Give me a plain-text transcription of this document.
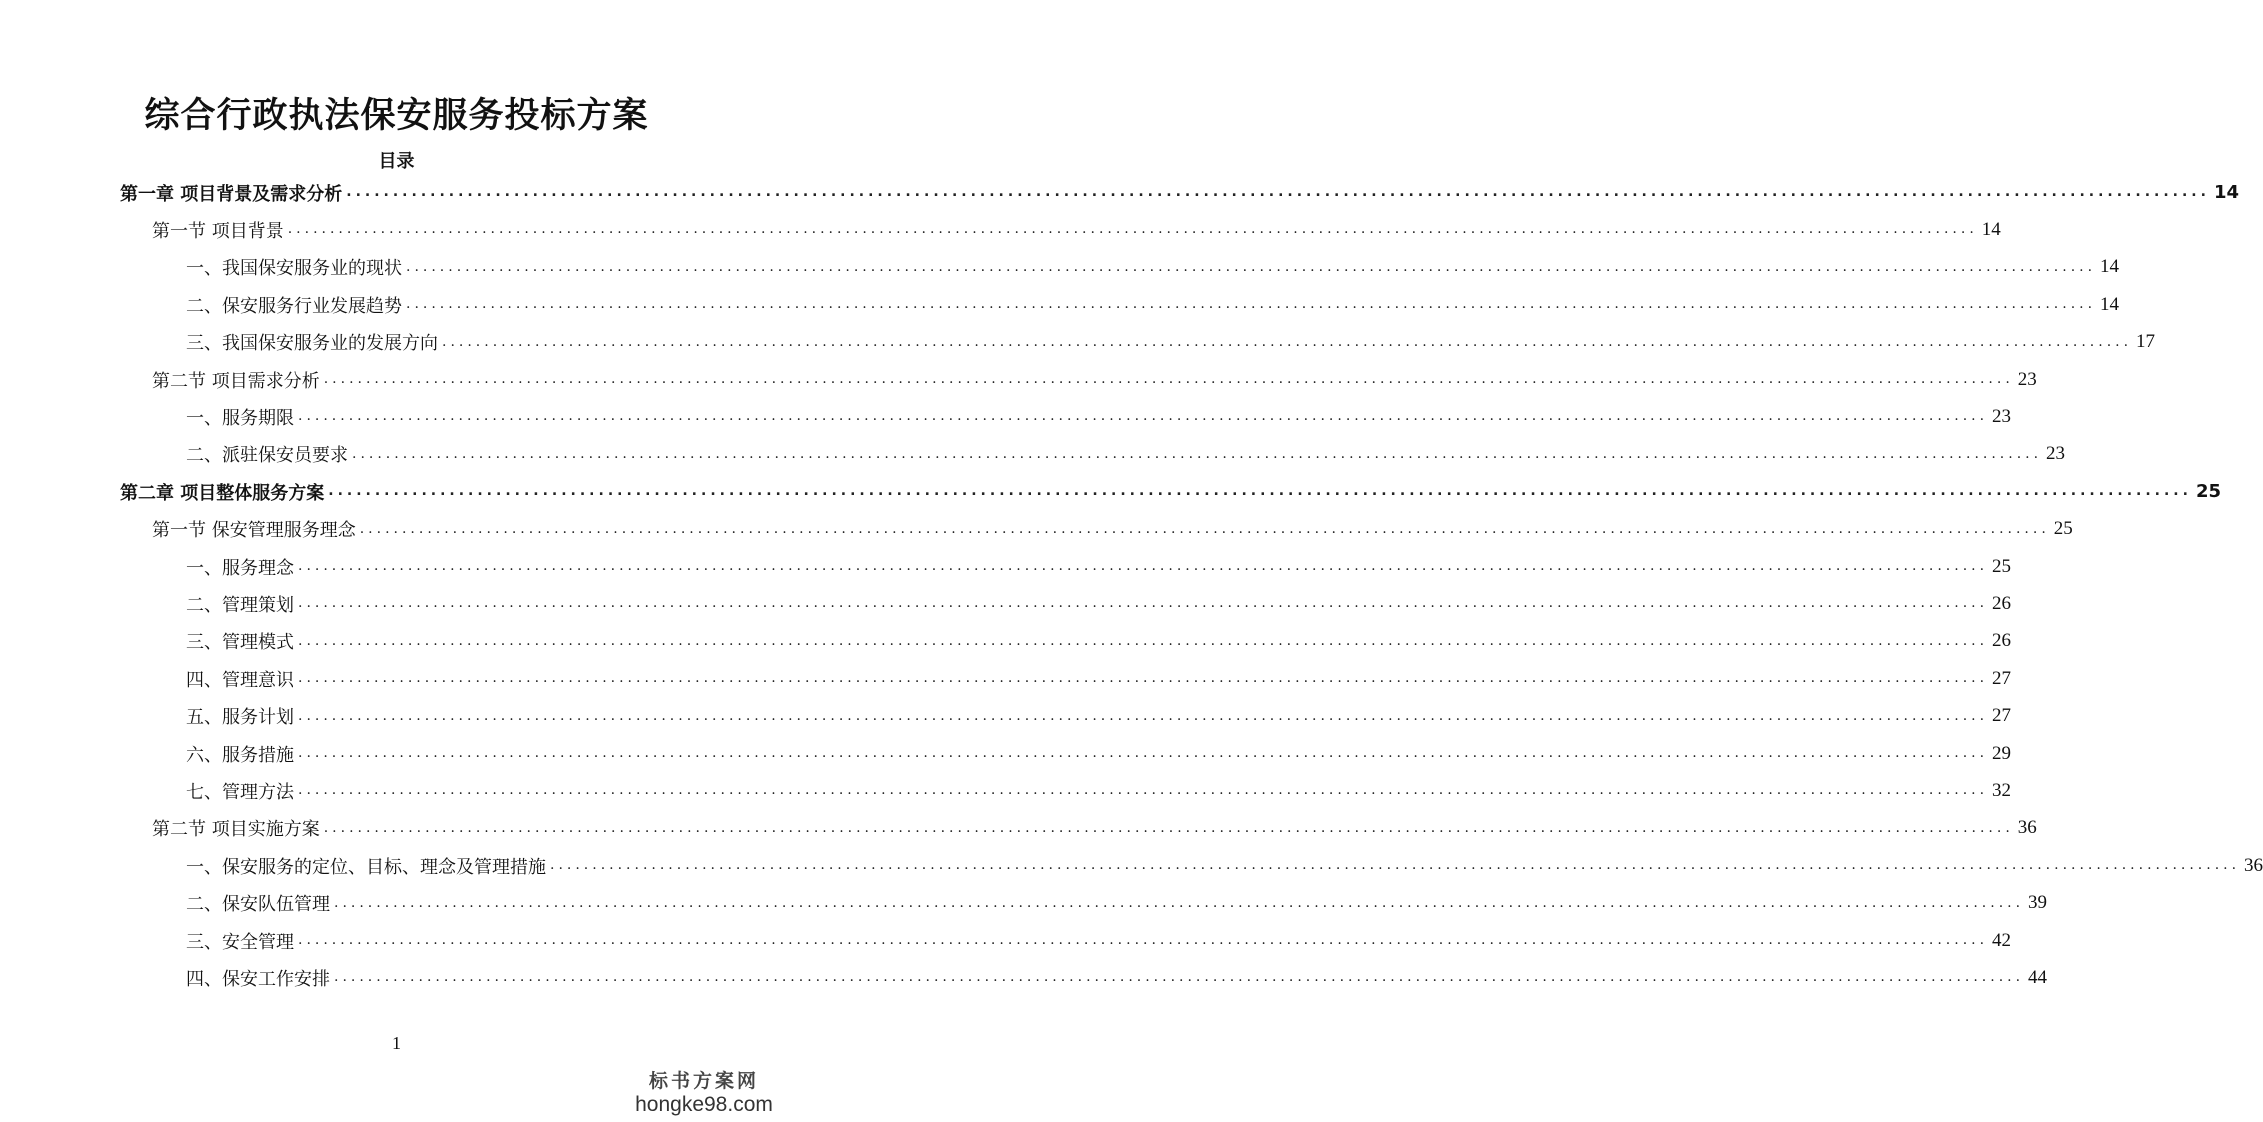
综合行政执法保安服务投标方案
目录
第一章 项目背景及需求分析 ........................................................................................................................................................................................................ 14
第一节 项目背景 ........................................................................................................................................................................................................ 14
一、我国保安服务业的现状 ........................................................................................................................................................................................................ 14
二、保安服务行业发展趋势 ........................................................................................................................................................................................................ 14
三、我国保安服务业的发展方向 ........................................................................................................................................................................................................ 17
第二节 项目需求分析 ........................................................................................................................................................................................................ 23
一、服务期限 ........................................................................................................................................................................................................ 23
二、派驻保安员要求 ........................................................................................................................................................................................................ 23
第二章 项目整体服务方案 ........................................................................................................................................................................................................ 25
第一节 保安管理服务理念 ........................................................................................................................................................................................................ 25
一、服务理念 ........................................................................................................................................................................................................ 25
二、管理策划 ........................................................................................................................................................................................................ 26
三、管理模式 ........................................................................................................................................................................................................ 26
四、管理意识 ........................................................................................................................................................................................................ 27
五、服务计划 ........................................................................................................................................................................................................ 27
六、服务措施 ........................................................................................................................................................................................................ 29
七、管理方法 ........................................................................................................................................................................................................ 32
第二节 项目实施方案 ........................................................................................................................................................................................................ 36
一、保安服务的定位、目标、理念及管理措施 ........................................................................................................................................................................................................ 36
二、保安队伍管理 ........................................................................................................................................................................................................ 39
三、安全管理 ........................................................................................................................................................................................................ 42
四、保安工作安排 ........................................................................................................................................................................................................ 44
1
标书方案网
hongke98.com
